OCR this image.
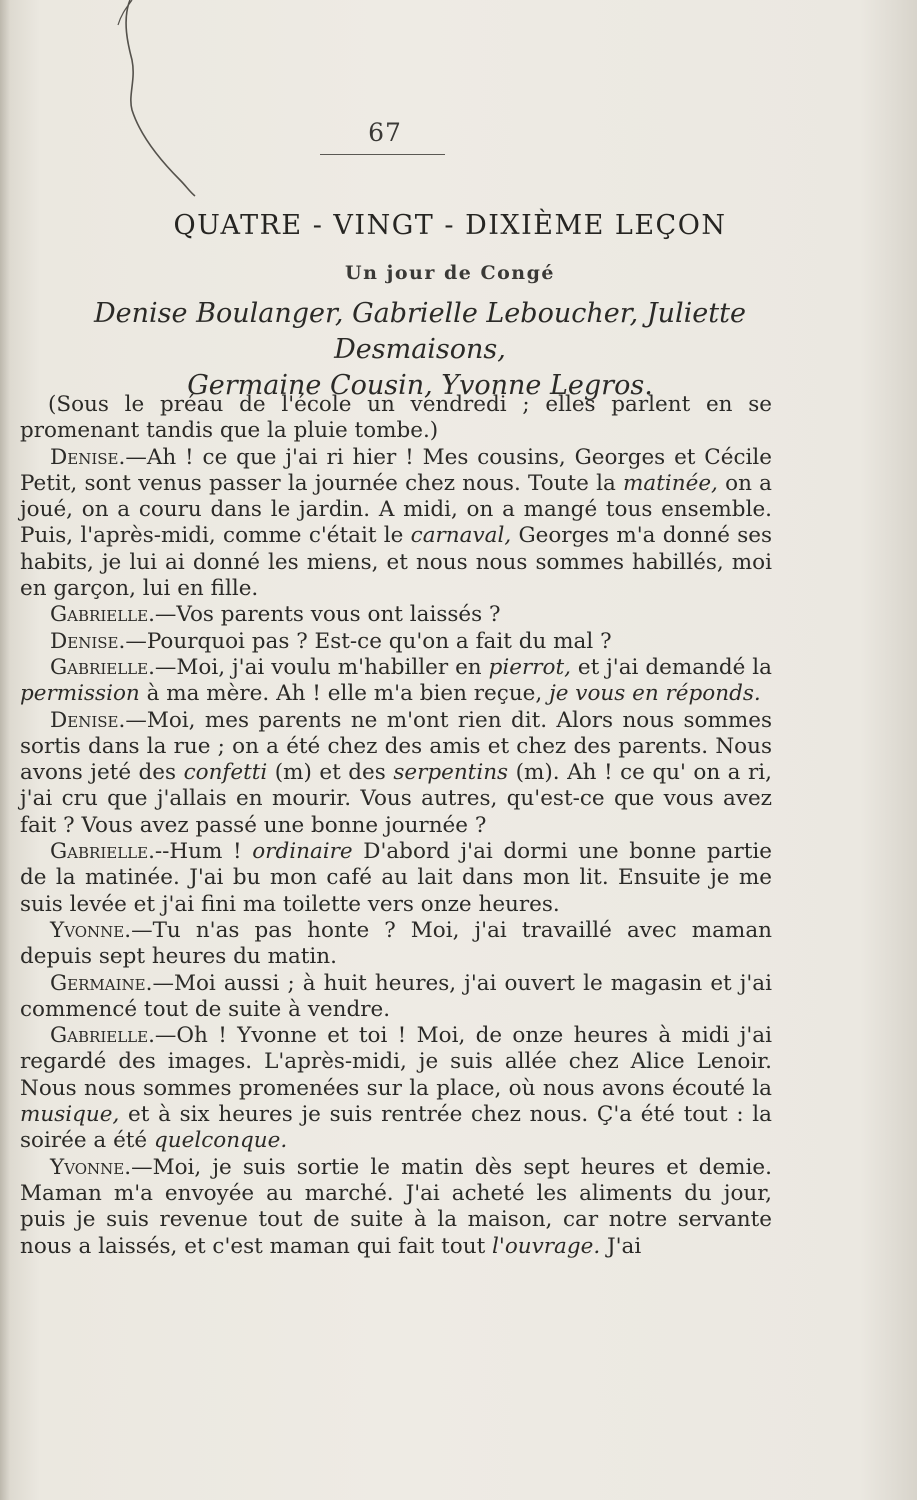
67
QUATRE - VINGT - DIXIÈME LEÇON
Un jour de Congé
Denise Boulanger, Gabrielle Leboucher, Juliette Desmaisons,
Germaine Cousin, Yvonne Legros.

(Sous le préau de l'école un vendredi ; elles parlent en se promenant tandis que la pluie tombe.)

Denise.—Ah ! ce que j'ai ri hier ! Mes cousins, Georges et Cécile Petit, sont venus passer la journée chez nous. Toute la matinée, on a joué, on a couru dans le jardin. A midi, on a mangé tous ensemble. Puis, l'après-midi, comme c'était le carnaval, Georges m'a donné ses habits, je lui ai donné les miens, et nous nous sommes habillés, moi en garçon, lui en fille.

Gabrielle.—Vos parents vous ont laissés ?

Denise.—Pourquoi pas ? Est-ce qu'on a fait du mal ?

Gabrielle.—Moi, j'ai voulu m'habiller en pierrot, et j'ai demandé la permission à ma mère. Ah ! elle m'a bien reçue, je vous en réponds.

Denise.—Moi, mes parents ne m'ont rien dit. Alors nous sommes sortis dans la rue ; on a été chez des amis et chez des parents. Nous avons jeté des confetti (m) et des serpentins (m). Ah ! ce qu' on a ri, j'ai cru que j'allais en mourir. Vous autres, qu'est-ce que vous avez fait ? Vous avez passé une bonne journée ?

Gabrielle.--Hum ! ordinaire D'abord j'ai dormi une bonne partie de la matinée. J'ai bu mon café au lait dans mon lit. Ensuite je me suis levée et j'ai fini ma toilette vers onze heures.

Yvonne.—Tu n'as pas honte ? Moi, j'ai travaillé avec maman depuis sept heures du matin.

Germaine.—Moi aussi ; à huit heures, j'ai ouvert le magasin et j'ai commencé tout de suite à vendre.

Gabrielle.—Oh ! Yvonne et toi ! Moi, de onze heures à midi j'ai regardé des images. L'après-midi, je suis allée chez Alice Lenoir. Nous nous sommes promenées sur la place, où nous avons écouté la musique, et à six heures je suis rentrée chez nous. Ç'a été tout : la soirée a été quelconque.

Yvonne.—Moi, je suis sortie le matin dès sept heures et demie. Maman m'a envoyée au marché. J'ai acheté les aliments du jour, puis je suis revenue tout de suite à la maison, car notre servante nous a laissés, et c'est maman qui fait tout l'ouvrage. J'ai
